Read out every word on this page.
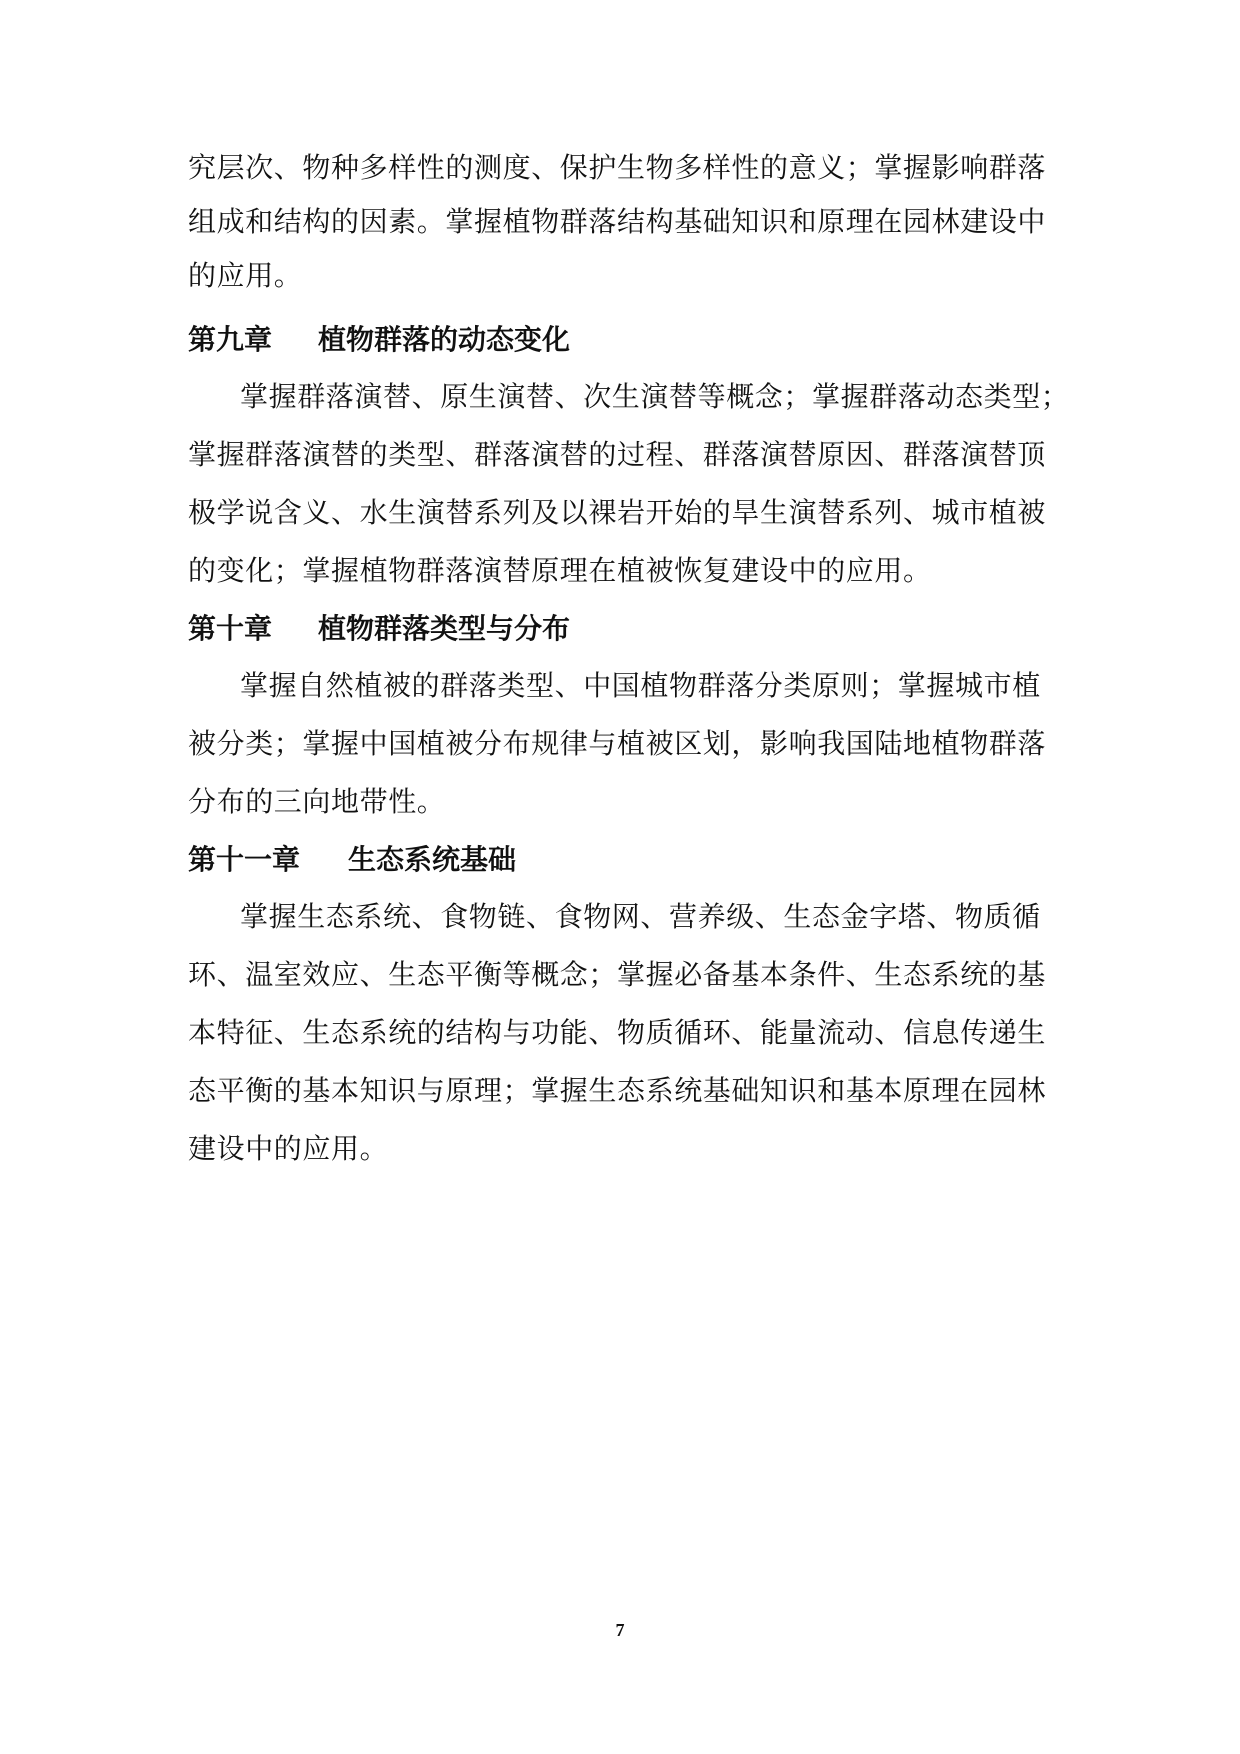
究层次、物种多样性的测度、保护生物多样性的意义；掌握影响群落
组成和结构的因素。掌握植物群落结构基础知识和原理在园林建设中
的应用。
第九章 植物群落的动态变化
掌握群落演替、原生演替、次生演替等概念；掌握群落动态类型；
掌握群落演替的类型、群落演替的过程、群落演替原因、群落演替顶
极学说含义、水生演替系列及以裸岩开始的旱生演替系列、城市植被
的变化；掌握植物群落演替原理在植被恢复建设中的应用。
第十章 植物群落类型与分布
掌握自然植被的群落类型、中国植物群落分类原则；掌握城市植
被分类；掌握中国植被分布规律与植被区划，影响我国陆地植物群落
分布的三向地带性。
第十一章 生态系统基础
掌握生态系统、食物链、食物网、营养级、生态金字塔、物质循
环、温室效应、生态平衡等概念；掌握必备基本条件、生态系统的基
本特征、生态系统的结构与功能、物质循环、能量流动、信息传递生
态平衡的基本知识与原理；掌握生态系统基础知识和基本原理在园林
建设中的应用。
7
